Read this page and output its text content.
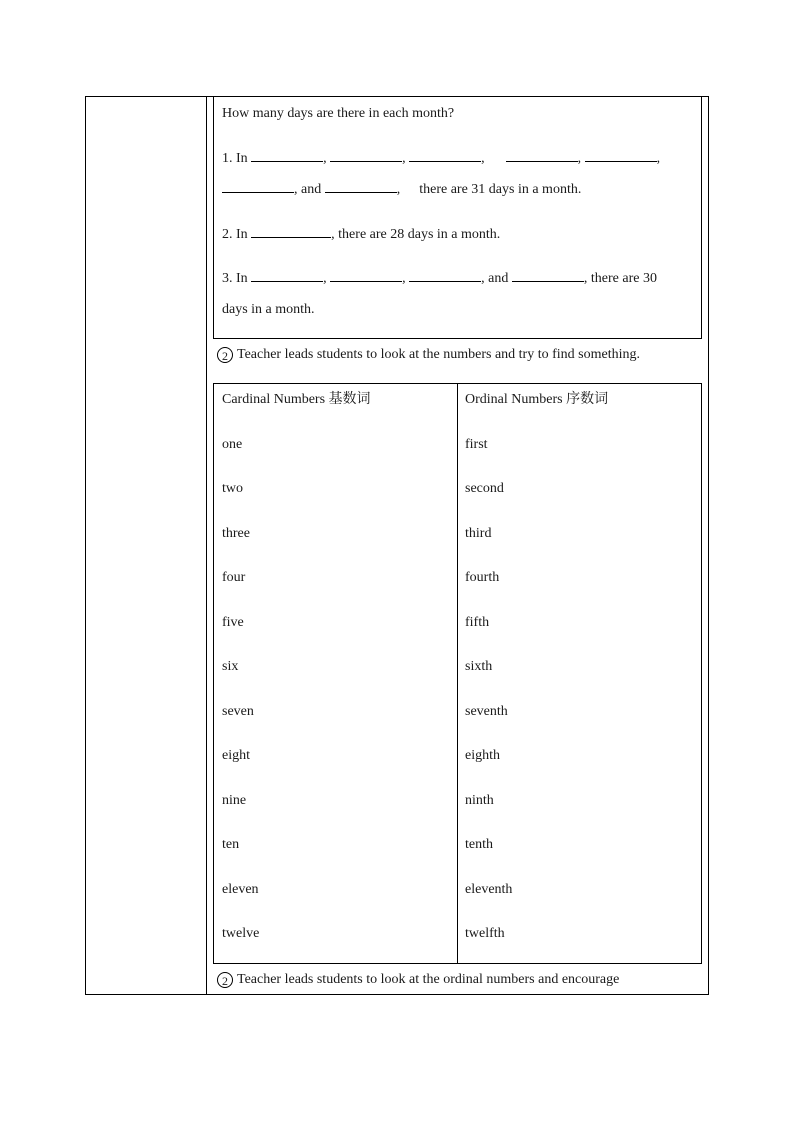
How many days are there in each month?
1. In	,	,	,	,	,
, and	,  there are 31 days in a month.
2. In	, there are 28 days in a month.
3. In	,	,	, and	, there are 30
days in a month.
2 Teacher leads students to look at the numbers and try to find something.
Cardinal Numbers 基数词	Ordinal Numbers 序数词
one	first
two	second
three	third
four	fourth
five	fifth
six	sixth
seven	seventh
eight	eighth
nine	ninth
ten	tenth
eleven	eleventh
twelve	twelfth
2 Teacher leads students to look at the ordinal numbers and encourage
